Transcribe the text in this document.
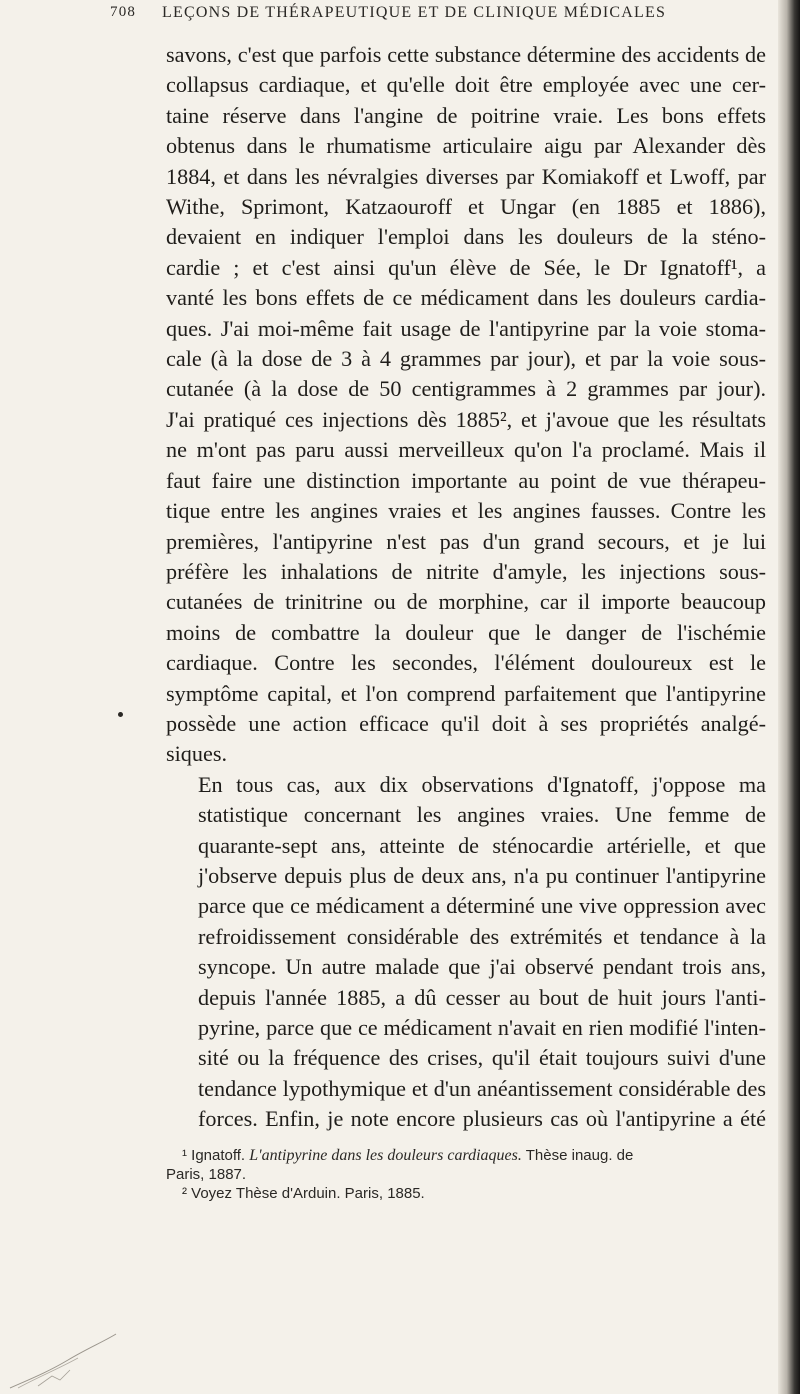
708 LEÇONS DE THÉRAPEUTIQUE ET DE CLINIQUE MÉDICALES

savons, c'est que parfois cette substance détermine des accidents de
collapsus cardiaque, et qu'elle doit être employée avec une cer-
taine réserve dans l'angine de poitrine vraie. Les bons effets
obtenus dans le rhumatisme articulaire aigu par Alexander dès
1884, et dans les névralgies diverses par Komiakoff et Lwoff, par
Withe, Sprimont, Katzaouroff et Ungar (en 1885 et 1886),
devaient en indiquer l'emploi dans les douleurs de la sténo-
cardie ; et c'est ainsi qu'un élève de Sée, le Dr Ignatoff¹, a
vanté les bons effets de ce médicament dans les douleurs cardia-
ques. J'ai moi-même fait usage de l'antipyrine par la voie stoma-
cale (à la dose de 3 à 4 grammes par jour), et par la voie sous-
cutanée (à la dose de 50 centigrammes à 2 grammes par jour).
J'ai pratiqué ces injections dès 1885², et j'avoue que les résultats
ne m'ont pas paru aussi merveilleux qu'on l'a proclamé. Mais il
faut faire une distinction importante au point de vue thérapeu-
tique entre les angines vraies et les angines fausses. Contre les
premières, l'antipyrine n'est pas d'un grand secours, et je lui
préfère les inhalations de nitrite d'amyle, les injections sous-
cutanées de trinitrine ou de morphine, car il importe beaucoup
moins de combattre la douleur que le danger de l'ischémie
cardiaque. Contre les secondes, l'élément douloureux est le
symptôme capital, et l'on comprend parfaitement que l'antipyrine
possède une action efficace qu'il doit à ses propriétés analgé-
siques.

En tous cas, aux dix observations d'Ignatoff, j'oppose ma
statistique concernant les angines vraies. Une femme de
quarante-sept ans, atteinte de sténocardie artérielle, et que
j'observe depuis plus de deux ans, n'a pu continuer l'antipyrine
parce que ce médicament a déterminé une vive oppression avec
refroidissement considérable des extrémités et tendance à la
syncope. Un autre malade que j'ai observé pendant trois ans,
depuis l'année 1885, a dû cesser au bout de huit jours l'anti-
pyrine, parce que ce médicament n'avait en rien modifié l'inten-
sité ou la fréquence des crises, qu'il était toujours suivi d'une
tendance lypothymique et d'un anéantissement considérable des
forces. Enfin, je note encore plusieurs cas où l'antipyrine a été

¹ Ignatoff. L'antipyrine dans les douleurs cardiaques. Thèse inaug. de

Paris, 1887.

² Voyez Thèse d'Arduin. Paris, 1885.
